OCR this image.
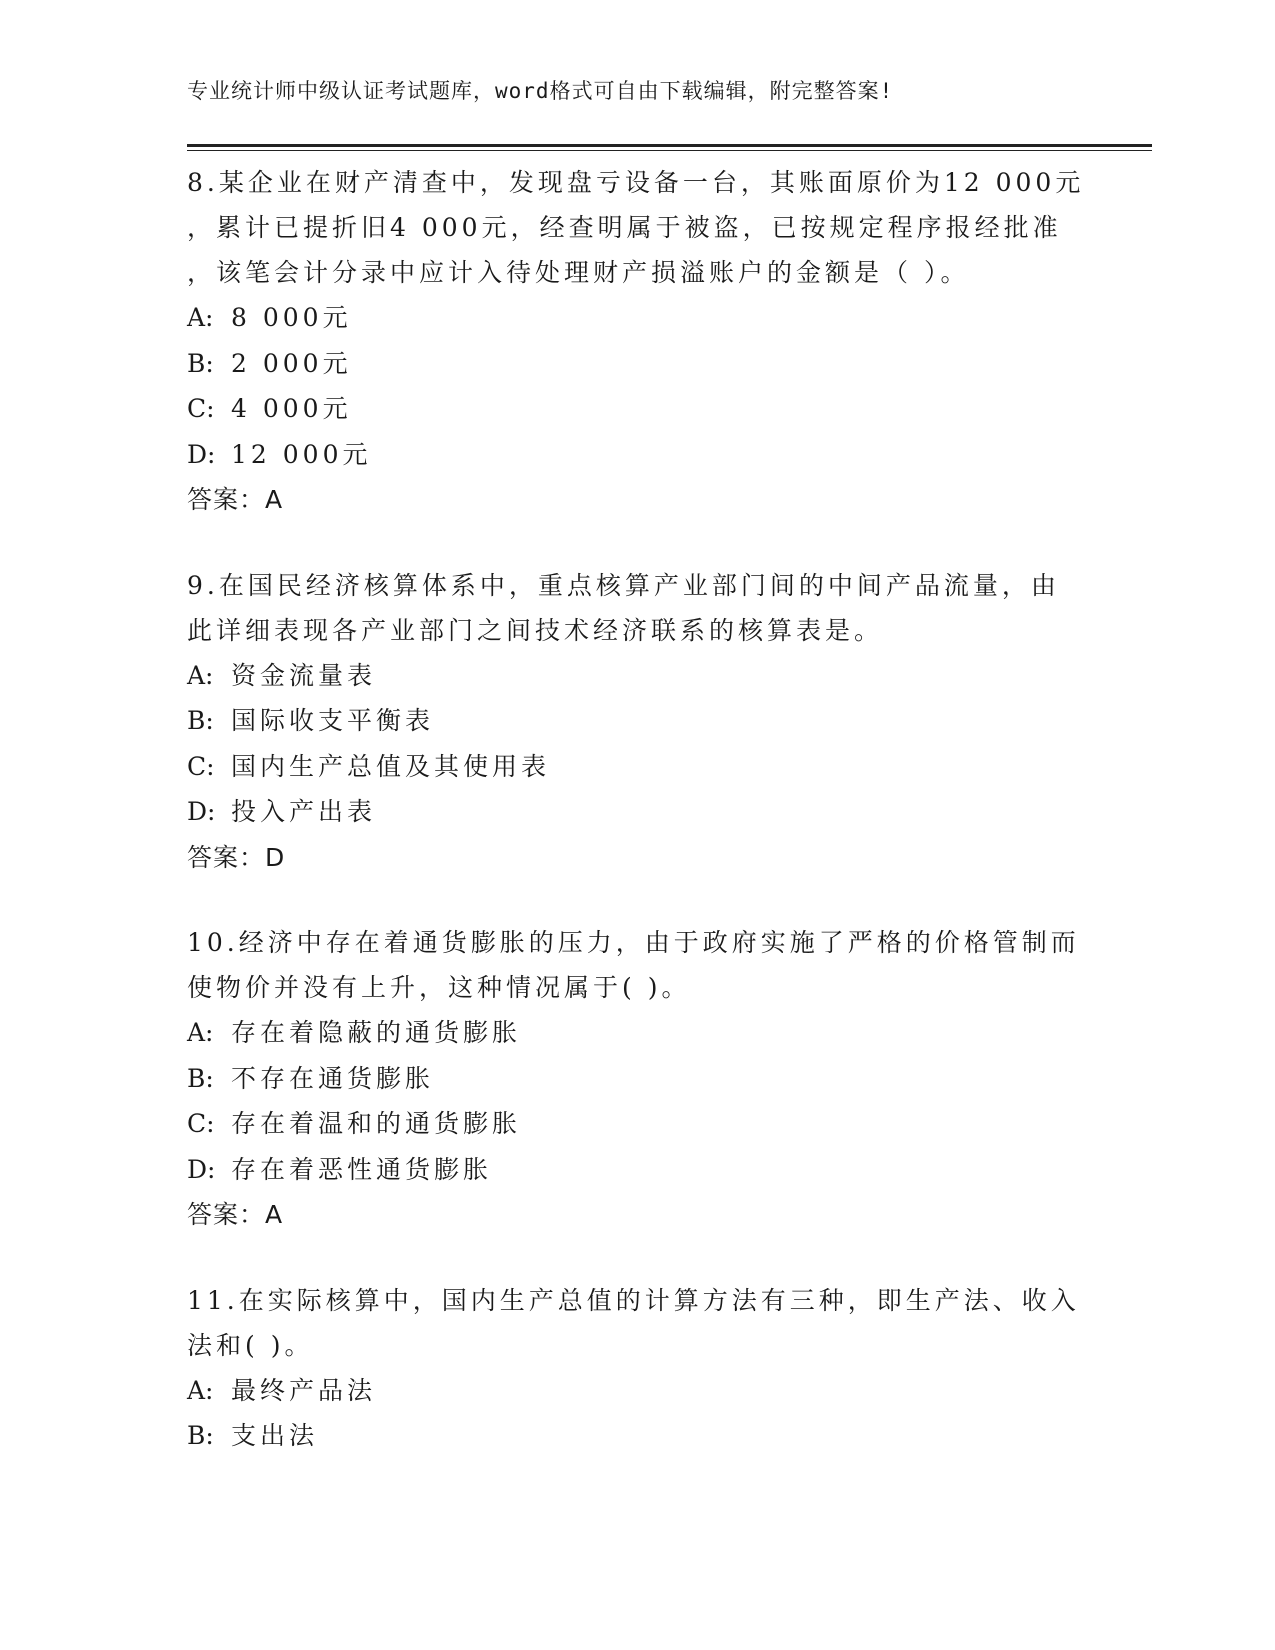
专业统计师中级认证考试题库，word格式可自由下载编辑，附完整答案!

8.某企业在财产清查中，发现盘亏设备一台，其账面原价为12 000元

，累计已提折旧4 000元，经查明属于被盗，已按规定程序报经批准

，该笔会计分录中应计入待处理财产损溢账户的金额是（ ）。

A: 8 000元
B: 2 000元
C: 4 000元
D: 12 000元
答案：A

9.在国民经济核算体系中，重点核算产业部门间的中间产品流量，由

此详细表现各产业部门之间技术经济联系的核算表是。

A: 资金流量表
B: 国际收支平衡表
C: 国内生产总值及其使用表
D: 投入产出表
答案：D

10.经济中存在着通货膨胀的压力，由于政府实施了严格的价格管制而

使物价并没有上升，这种情况属于( )。

A: 存在着隐蔽的通货膨胀
B: 不存在通货膨胀
C: 存在着温和的通货膨胀
D: 存在着恶性通货膨胀
答案：A

11.在实际核算中，国内生产总值的计算方法有三种，即生产法、收入

法和( )。

A: 最终产品法
B: 支出法
